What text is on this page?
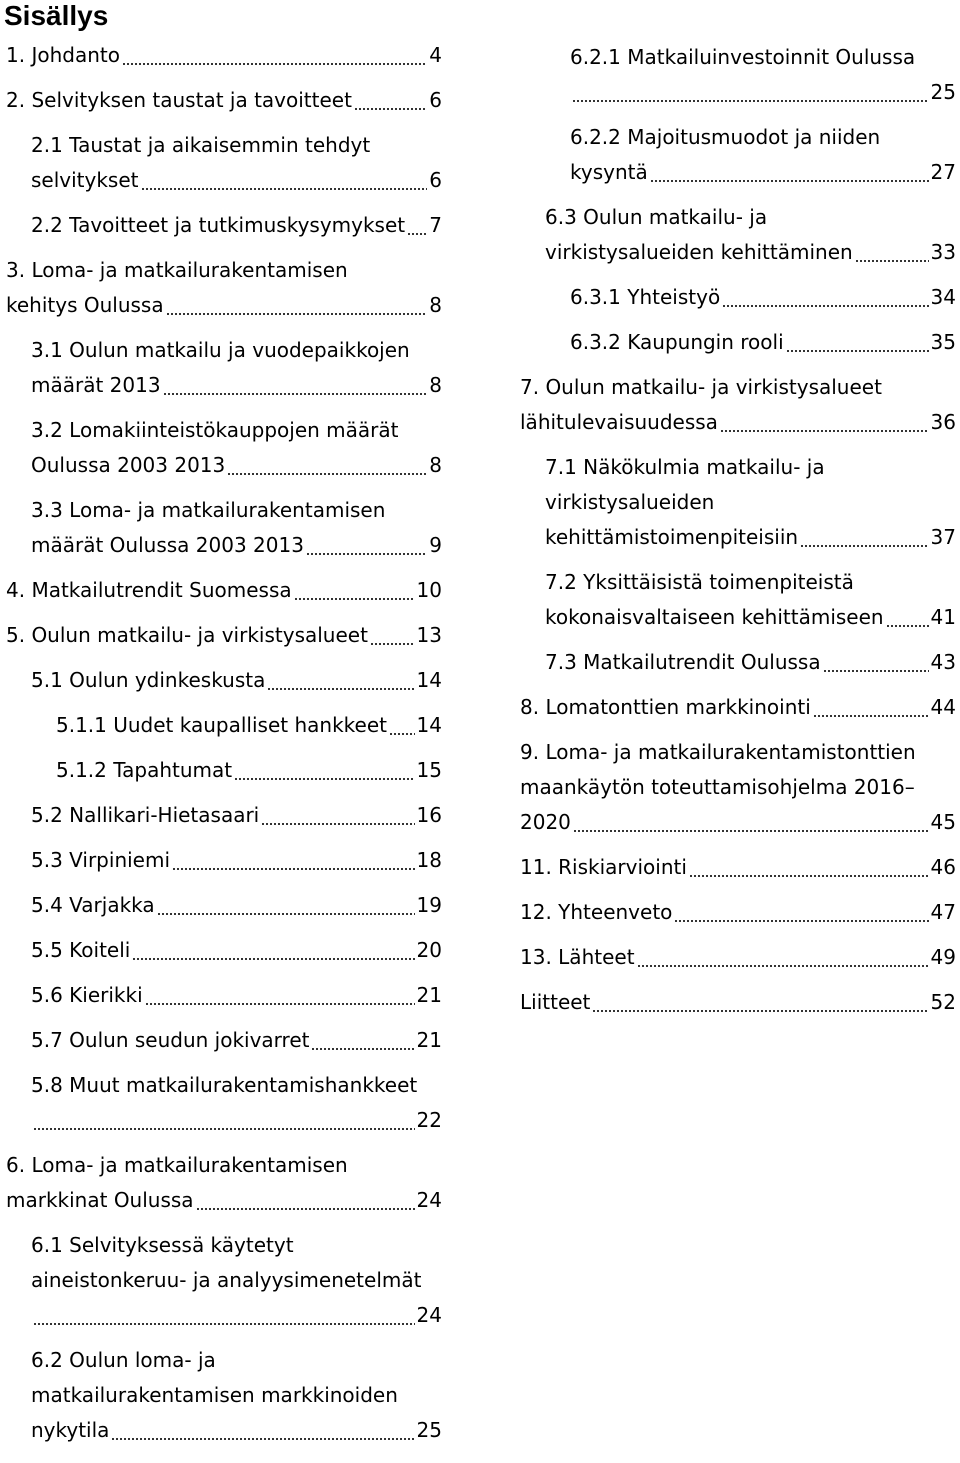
Sisällys
1. Johdanto	4
2. Selvityksen taustat ja tavoitteet	6
2.1 Taustat ja aikaisemmin tehdyt
selvitykset	6
2.2 Tavoitteet ja tutkimuskysymykset 7
3. Loma- ja matkailurakentamisen
kehitys Oulussa	8
3.1 Oulun matkailu ja vuodepaikkojen
määrät 2013	8
3.2 Lomakiinteistökauppojen määrät
Oulussa 2003 2013	8
3.3 Loma- ja matkailurakentamisen
määrät Oulussa 2003 2013	9
4. Matkailutrendit Suomessa	10
5. Oulun matkailu- ja virkistysalueet 13
5.1 Oulun ydinkeskusta	14
5.1.1 Uudet kaupalliset hankkeet 14
5.1.2 Tapahtumat	15
5.2 Nallikari-Hietasaari	16
5.3 Virpiniemi	18
5.4 Varjakka	19
5.5 Koiteli	20
5.6 Kierikki	21
5.7 Oulun seudun jokivarret	21
5.8 Muut matkailurakentamishankkeet
22
6. Loma- ja matkailurakentamisen
markkinat Oulussa	24
6.1 Selvityksessä käytetyt
aineistonkeruu- ja analyysimenetelmät
24
6.2 Oulun loma- ja
matkailurakentamisen markkinoiden
nykytila	25
6.2.1 Matkailuinvestoinnit Oulussa
25
6.2.2 Majoitusmuodot ja niiden
kysyntä	27
6.3 Oulun matkailu- ja
virkistysalueiden kehittäminen	33
6.3.1 Yhteistyö	34
6.3.2 Kaupungin rooli	35
7. Oulun matkailu- ja virkistysalueet
lähitulevaisuudessa	36
7.1 Näkökulmia matkailu- ja
virkistysalueiden
kehittämistoimenpiteisiin	37
7.2 Yksittäisistä toimenpiteistä
kokonaisvaltaiseen kehittämiseen 41
7.3 Matkailutrendit Oulussa	43
8. Lomatonttien markkinointi	44
9. Loma- ja matkailurakentamistonttien
maankäytön toteuttamisohjelma 2016–
2020	45
11. Riskiarviointi	46
12. Yhteenveto	47
13. Lähteet	49
Liitteet	52
